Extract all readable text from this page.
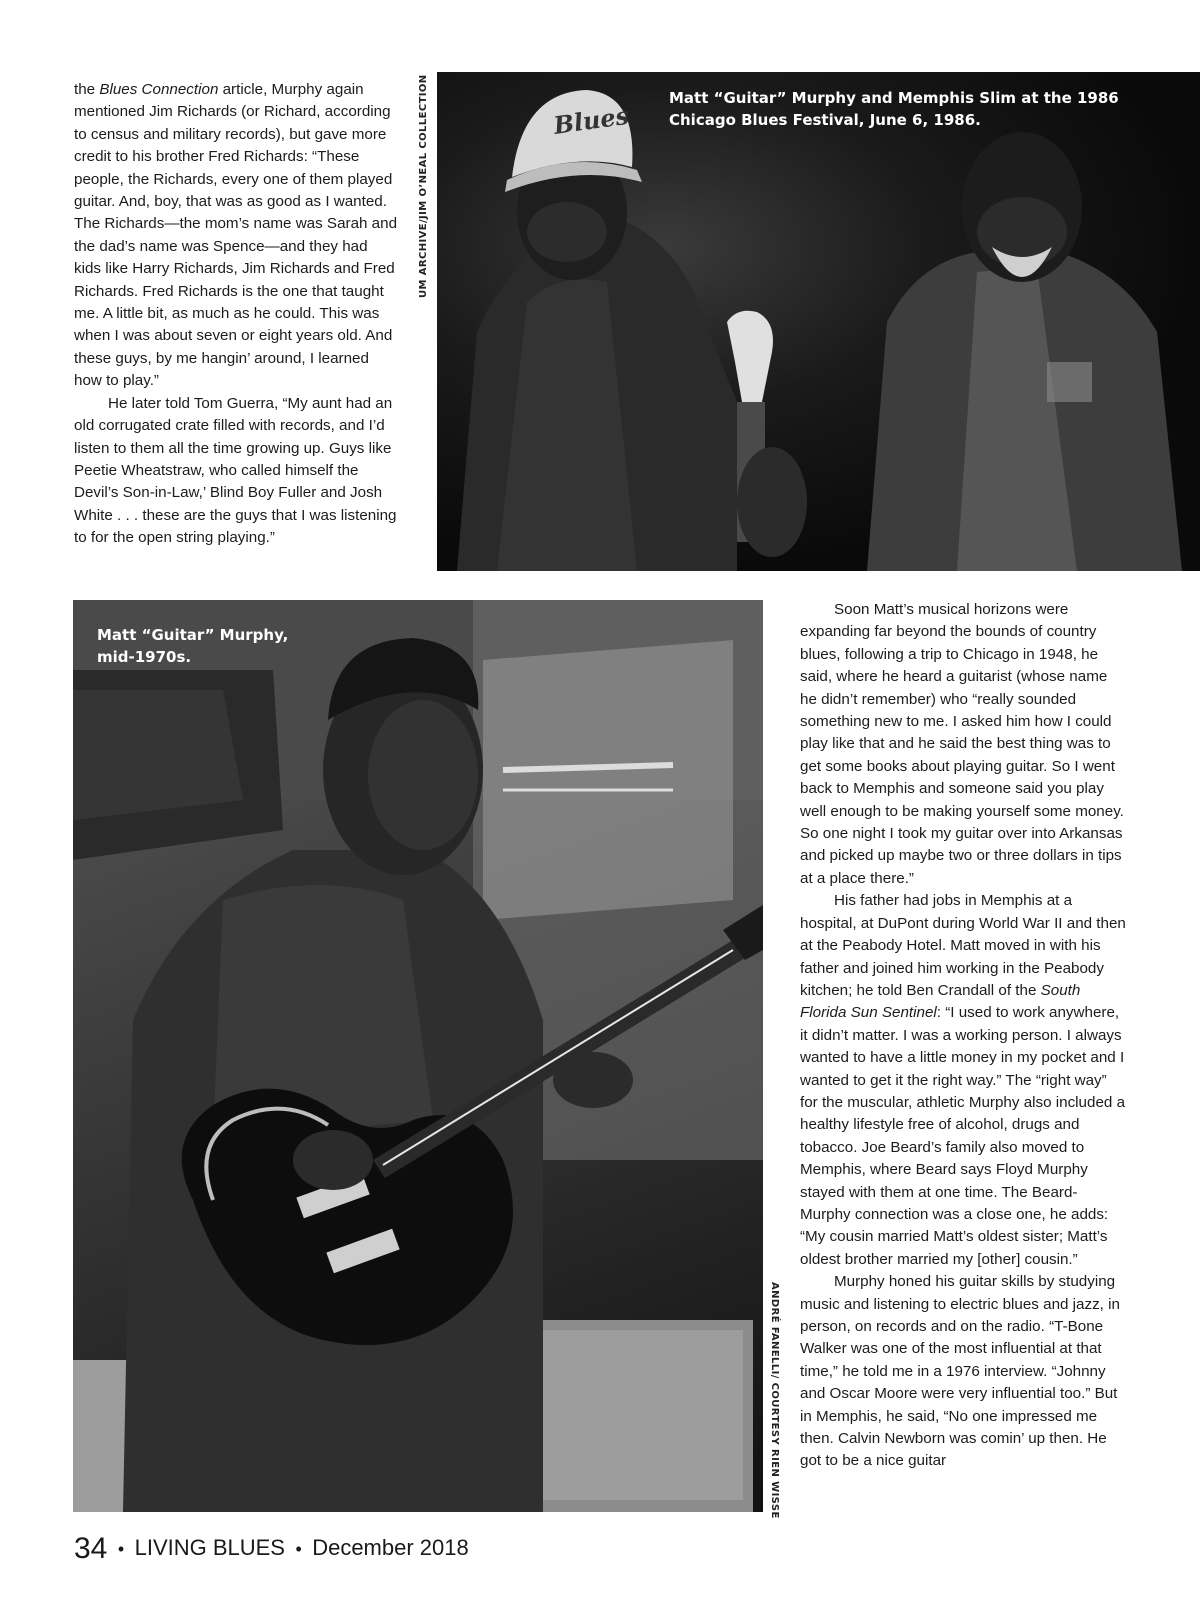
the Blues Connection article, Murphy again mentioned Jim Richards (or Richard, according to census and military records), but gave more credit to his brother Fred Richards: “These people, the Richards, every one of them played guitar. And, boy, that was as good as I wanted. The Richards—the mom’s name was Sarah and the dad’s name was Spence—and they had kids like Harry Richards, Jim Richards and Fred Richards. Fred Richards is the one that taught me. A little bit, as much as he could. This was when I was about seven or eight years old. And these guys, by me hangin’ around, I learned how to play.”

He later told Tom Guerra, “My aunt had an old corrugated crate filled with records, and I’d listen to them all the time growing up. Guys like Peetie Wheatstraw, who called himself the Devil’s Son-in-Law,’ Blind Boy Fuller and Josh White . . . these are the guys that I was listening to for the open string playing.”

Blues
Matt “Guitar” Murphy and Memphis Slim at the 1986 Chicago Blues Festival, June 6, 1986.
UM ARCHIVE/JIM O’NEAL COLLECTION
Matt “Guitar” Murphy, mid-1970s.
ANDRÉ FANELLI/ COURTESY RIEN WISSE

Soon Matt’s musical horizons were expanding far beyond the bounds of country blues, following a trip to Chicago in 1948, he said, where he heard a guitarist (whose name he didn’t remember) who “really sounded something new to me. I asked him how I could play like that and he said the best thing was to get some books about playing guitar. So I went back to Memphis and someone said you play well enough to be making yourself some money. So one night I took my guitar over into Arkansas and picked up maybe two or three dollars in tips at a place there.”

His father had jobs in Memphis at a hospital, at DuPont during World War II and then at the Peabody Hotel. Matt moved in with his father and joined him working in the Peabody kitchen; he told Ben Crandall of the South Florida Sun Sentinel: “I used to work anywhere, it didn’t matter. I was a working person. I always wanted to have a little money in my pocket and I wanted to get it the right way.” The “right way” for the muscular, athletic Murphy also included a healthy lifestyle free of alcohol, drugs and tobacco. Joe Beard’s family also moved to Memphis, where Beard says Floyd Murphy stayed with them at one time. The Beard-Murphy connection was a close one, he adds: “My cousin married Matt’s oldest sister; Matt’s oldest brother married my [other] cousin.”

Murphy honed his guitar skills by studying music and listening to electric blues and jazz, in person, on records and on the radio. “T-Bone Walker was one of the most influential at that time,” he told me in a 1976 interview. “Johnny and Oscar Moore were very influential too.” But in Memphis, he said, “No one impressed me then. Calvin Newborn was comin’ up then. He got to be a nice guitar

34 • LIVING BLUES • December 2018
